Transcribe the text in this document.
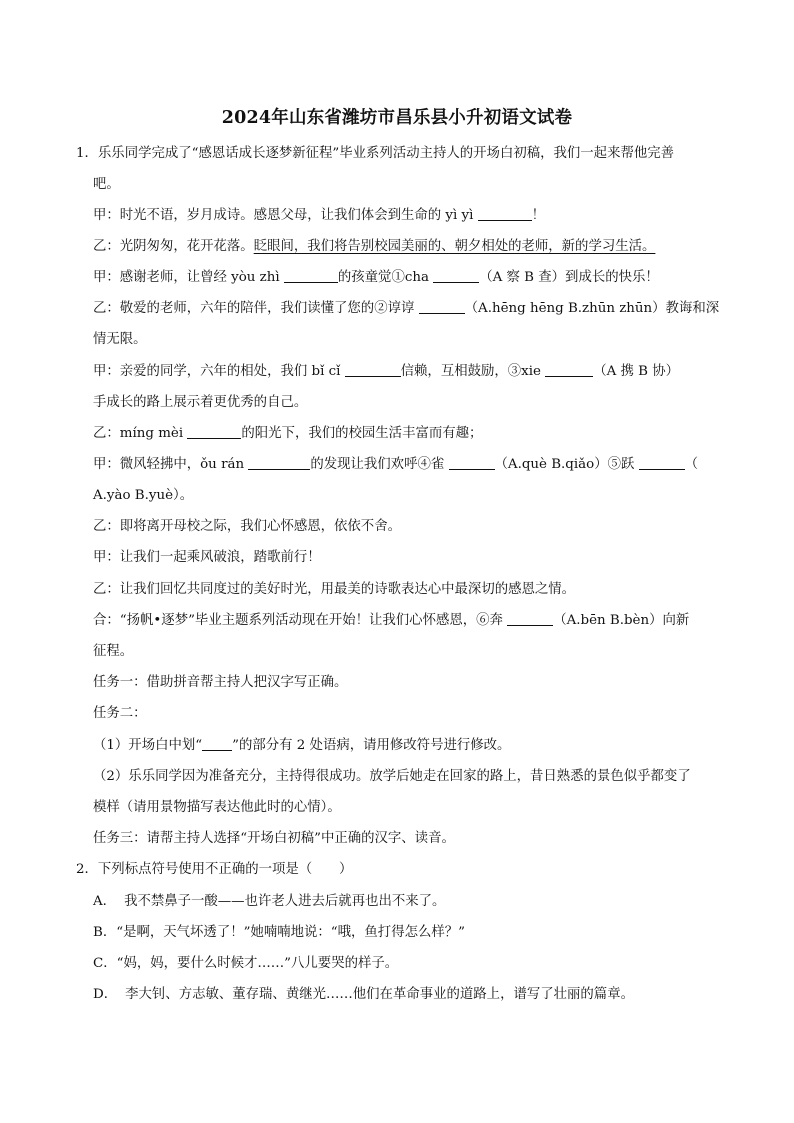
2024年山东省潍坊市昌乐县小升初语文试卷
1．乐乐同学完成了“感恩话成长逐梦新征程”毕业系列活动主持人的开场白初稿，我们一起来帮他完善
吧。
甲：时光不语，岁月成诗。感恩父母，让我们体会到生命的 yì yì	！
乙：光阴匆匆，花开花落。眨眼间，我们将告别校园美丽的、朝夕相处的老师，新的学习生活。
甲：感谢老师，让曾经 yòu zhì	的孩童觉①cha	（A 察 B 查）到成长的快乐！
乙：敬爱的老师，六年的陪伴，我们读懂了您的②谆谆	（A.hēng hēng B.zhūn zhūn）教诲和深
情无限。
甲：亲爱的同学，六年的相处，我们 bǐ cǐ	信赖，互相鼓励，③xie	（A 携 B 协）
手成长的路上展示着更优秀的自己。
乙：míng mèi	的阳光下，我们的校园生活丰富而有趣；
甲：微风轻拂中，ǒu rán	的发现让我们欢呼④雀	（A.què B.qiǎo）⑤跃	（
A.yào B.yuè）。
乙：即将离开母校之际，我们心怀感恩，依依不舍。
甲：让我们一起乘风破浪，踏歌前行！
乙：让我们回忆共同度过的美好时光，用最美的诗歌表达心中最深切的感恩之情。
合：“扬帆•逐梦”毕业主题系列活动现在开始！让我们心怀感恩，⑥奔	（A.bēn B.bèn）向新
征程。
任务一：借助拼音帮主持人把汉字写正确。
任务二：
（1）开场白中划“ ”的部分有 2 处语病，请用修改符号进行修改。
（2）乐乐同学因为准备充分，主持得很成功。放学后她走在回家的路上，昔日熟悉的景色似乎都变了
模样（请用景物描写表达他此时的心情）。
任务三：请帮主持人选择“开场白初稿”中正确的汉字、读音。
2．下列标点符号使用不正确的一项是（　　）
A． 我不禁鼻子一酸——也许老人进去后就再也出不来了。
B．“是啊，天气坏透了！”她喃喃地说：“哦，鱼打得怎么样？”
C．“妈，妈，要什么时候才……”八儿要哭的样子。
D． 李大钊、方志敏、董存瑞、黄继光……他们在革命事业的道路上，谱写了壮丽的篇章。
